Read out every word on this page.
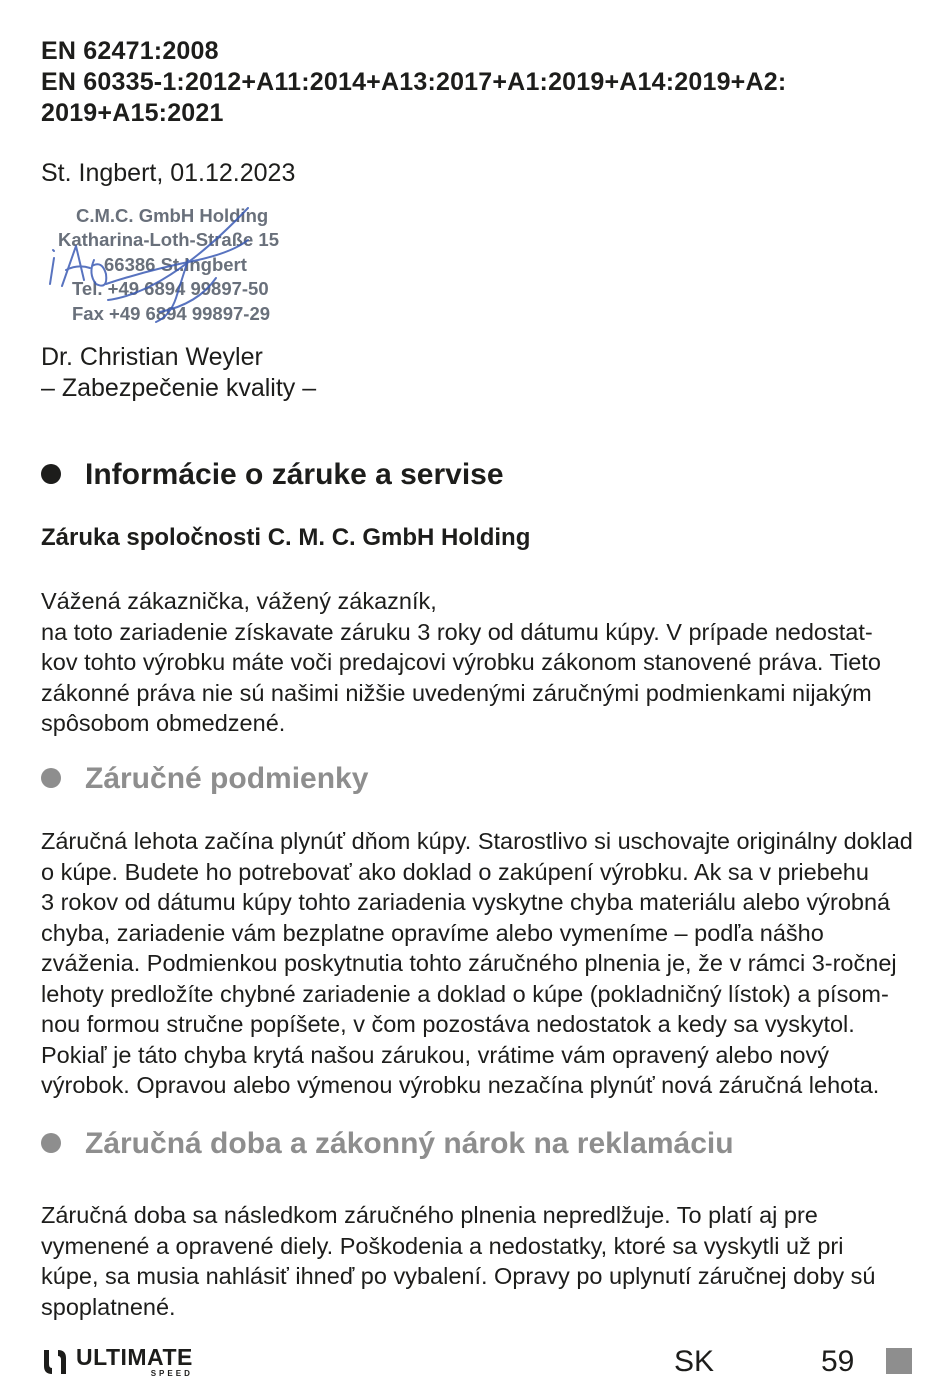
EN 62471:2008
EN 60335-1:2012+A11:2014+A13:2017+A1:2019+A14:2019+A2:
2019+A15:2021
St. Ingbert, 01.12.2023
C.M.C. GmbH Holding
Katharina-Loth-Straße 15
66386 St.Ingbert
Tel. +49 6894 99897-50
Fax +49 6894 99897-29
Dr. Christian Weyler
– Zabezpečenie kvality –
Informácie o záruke a servise
Záruka spoločnosti C. M. C. GmbH Holding
Vážená zákaznička, vážený zákazník,
na toto zariadenie získavate záruku 3 roky od dátumu kúpy. V prípade nedostat-
kov tohto výrobku máte voči predajcovi výrobku zákonom stanovené práva. Tieto
zákonné práva nie sú našimi nižšie uvedenými záručnými podmienkami nijakým
spôsobom obmedzené.
Záručné podmienky
Záručná lehota začína plynúť dňom kúpy. Starostlivo si uschovajte originálny doklad
o kúpe. Budete ho potrebovať ako doklad o zakúpení výrobku. Ak sa v priebehu
3 rokov od dátumu kúpy tohto zariadenia vyskytne chyba materiálu alebo výrobná
chyba, zariadenie vám bezplatne opravíme alebo vymeníme – podľa nášho
zváženia. Podmienkou poskytnutia tohto záručného plnenia je, že v rámci 3-ročnej
lehoty predložíte chybné zariadenie a doklad o kúpe (pokladničný lístok) a písom-
nou formou stručne popíšete, v čom pozostáva nedostatok a kedy sa vyskytol.
Pokiaľ je táto chyba krytá našou zárukou, vrátime vám opravený alebo nový
výrobok. Opravou alebo výmenou výrobku nezačína plynúť nová záručná lehota.
Záručná doba a zákonný nárok na reklamáciu
Záručná doba sa následkom záručného plnenia nepredlžuje. To platí aj pre
vymenené a opravené diely. Poškodenia a nedostatky, ktoré sa vyskytli už pri
kúpe, sa musia nahlásiť ihneď po vybalení. Opravy po uplynutí záručnej doby sú
spoplatnené.
ULTIMATE
SPEED	SK	59
